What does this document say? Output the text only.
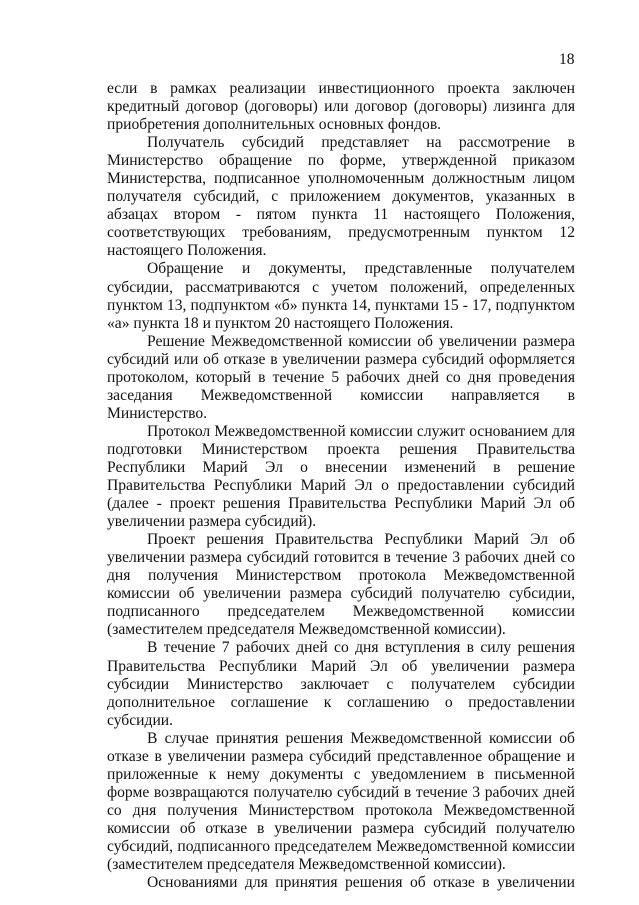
18

если в рамках реализации инвестиционного проекта заключен кредитный договор (договоры) или договор (договоры) лизинга для приобретения дополнительных основных фондов.

Получатель субсидий представляет на рассмотрение в Министерство обращение по форме, утвержденной приказом Министерства, подписанное уполномоченным должностным лицом получателя субсидий, с приложением документов, указанных в абзацах втором - пятом пункта 11 настоящего Положения, соответствующих требованиям, предусмотренным пунктом 12 настоящего Положения.

Обращение и документы, представленные получателем субсидии, рассматриваются с учетом положений, определенных пунктом 13, подпунктом «б» пункта 14, пунктами 15 - 17, подпунктом «а» пункта 18 и пунктом 20 настоящего Положения.

Решение Межведомственной комиссии об увеличении размера субсидий или об отказе в увеличении размера субсидий оформляется протоколом, который в течение 5 рабочих дней со дня проведения заседания Межведомственной комиссии направляется в Министерство.

Протокол Межведомственной комиссии служит основанием для подготовки Министерством проекта решения Правительства Республики Марий Эл о внесении изменений в решение Правительства Республики Марий Эл о предоставлении субсидий (далее - проект решения Правительства Республики Марий Эл об увеличении размера субсидий).

Проект решения Правительства Республики Марий Эл об увеличении размера субсидий готовится в течение 3 рабочих дней со дня получения Министерством протокола Межведомственной комиссии об увеличении размера субсидий получателю субсидии, подписанного председателем Межведомственной комиссии (заместителем председателя Межведомственной комиссии).

В течение 7 рабочих дней со дня вступления в силу решения Правительства Республики Марий Эл об увеличении размера субсидии Министерство заключает с получателем субсидии дополнительное соглашение к соглашению о предоставлении субсидии.

В случае принятия решения Межведомственной комиссии об отказе в увеличении размера субсидий представленное обращение и приложенные к нему документы с уведомлением в письменной форме возвращаются получателю субсидий в течение 3 рабочих дней со дня получения Министерством протокола Межведомственной комиссии об отказе в увеличении размера субсидий получателю субсидий, подписанного председателем Межведомственной комиссии (заместителем председателя Межведомственной комиссии).

Основаниями для принятия решения об отказе в увеличении
